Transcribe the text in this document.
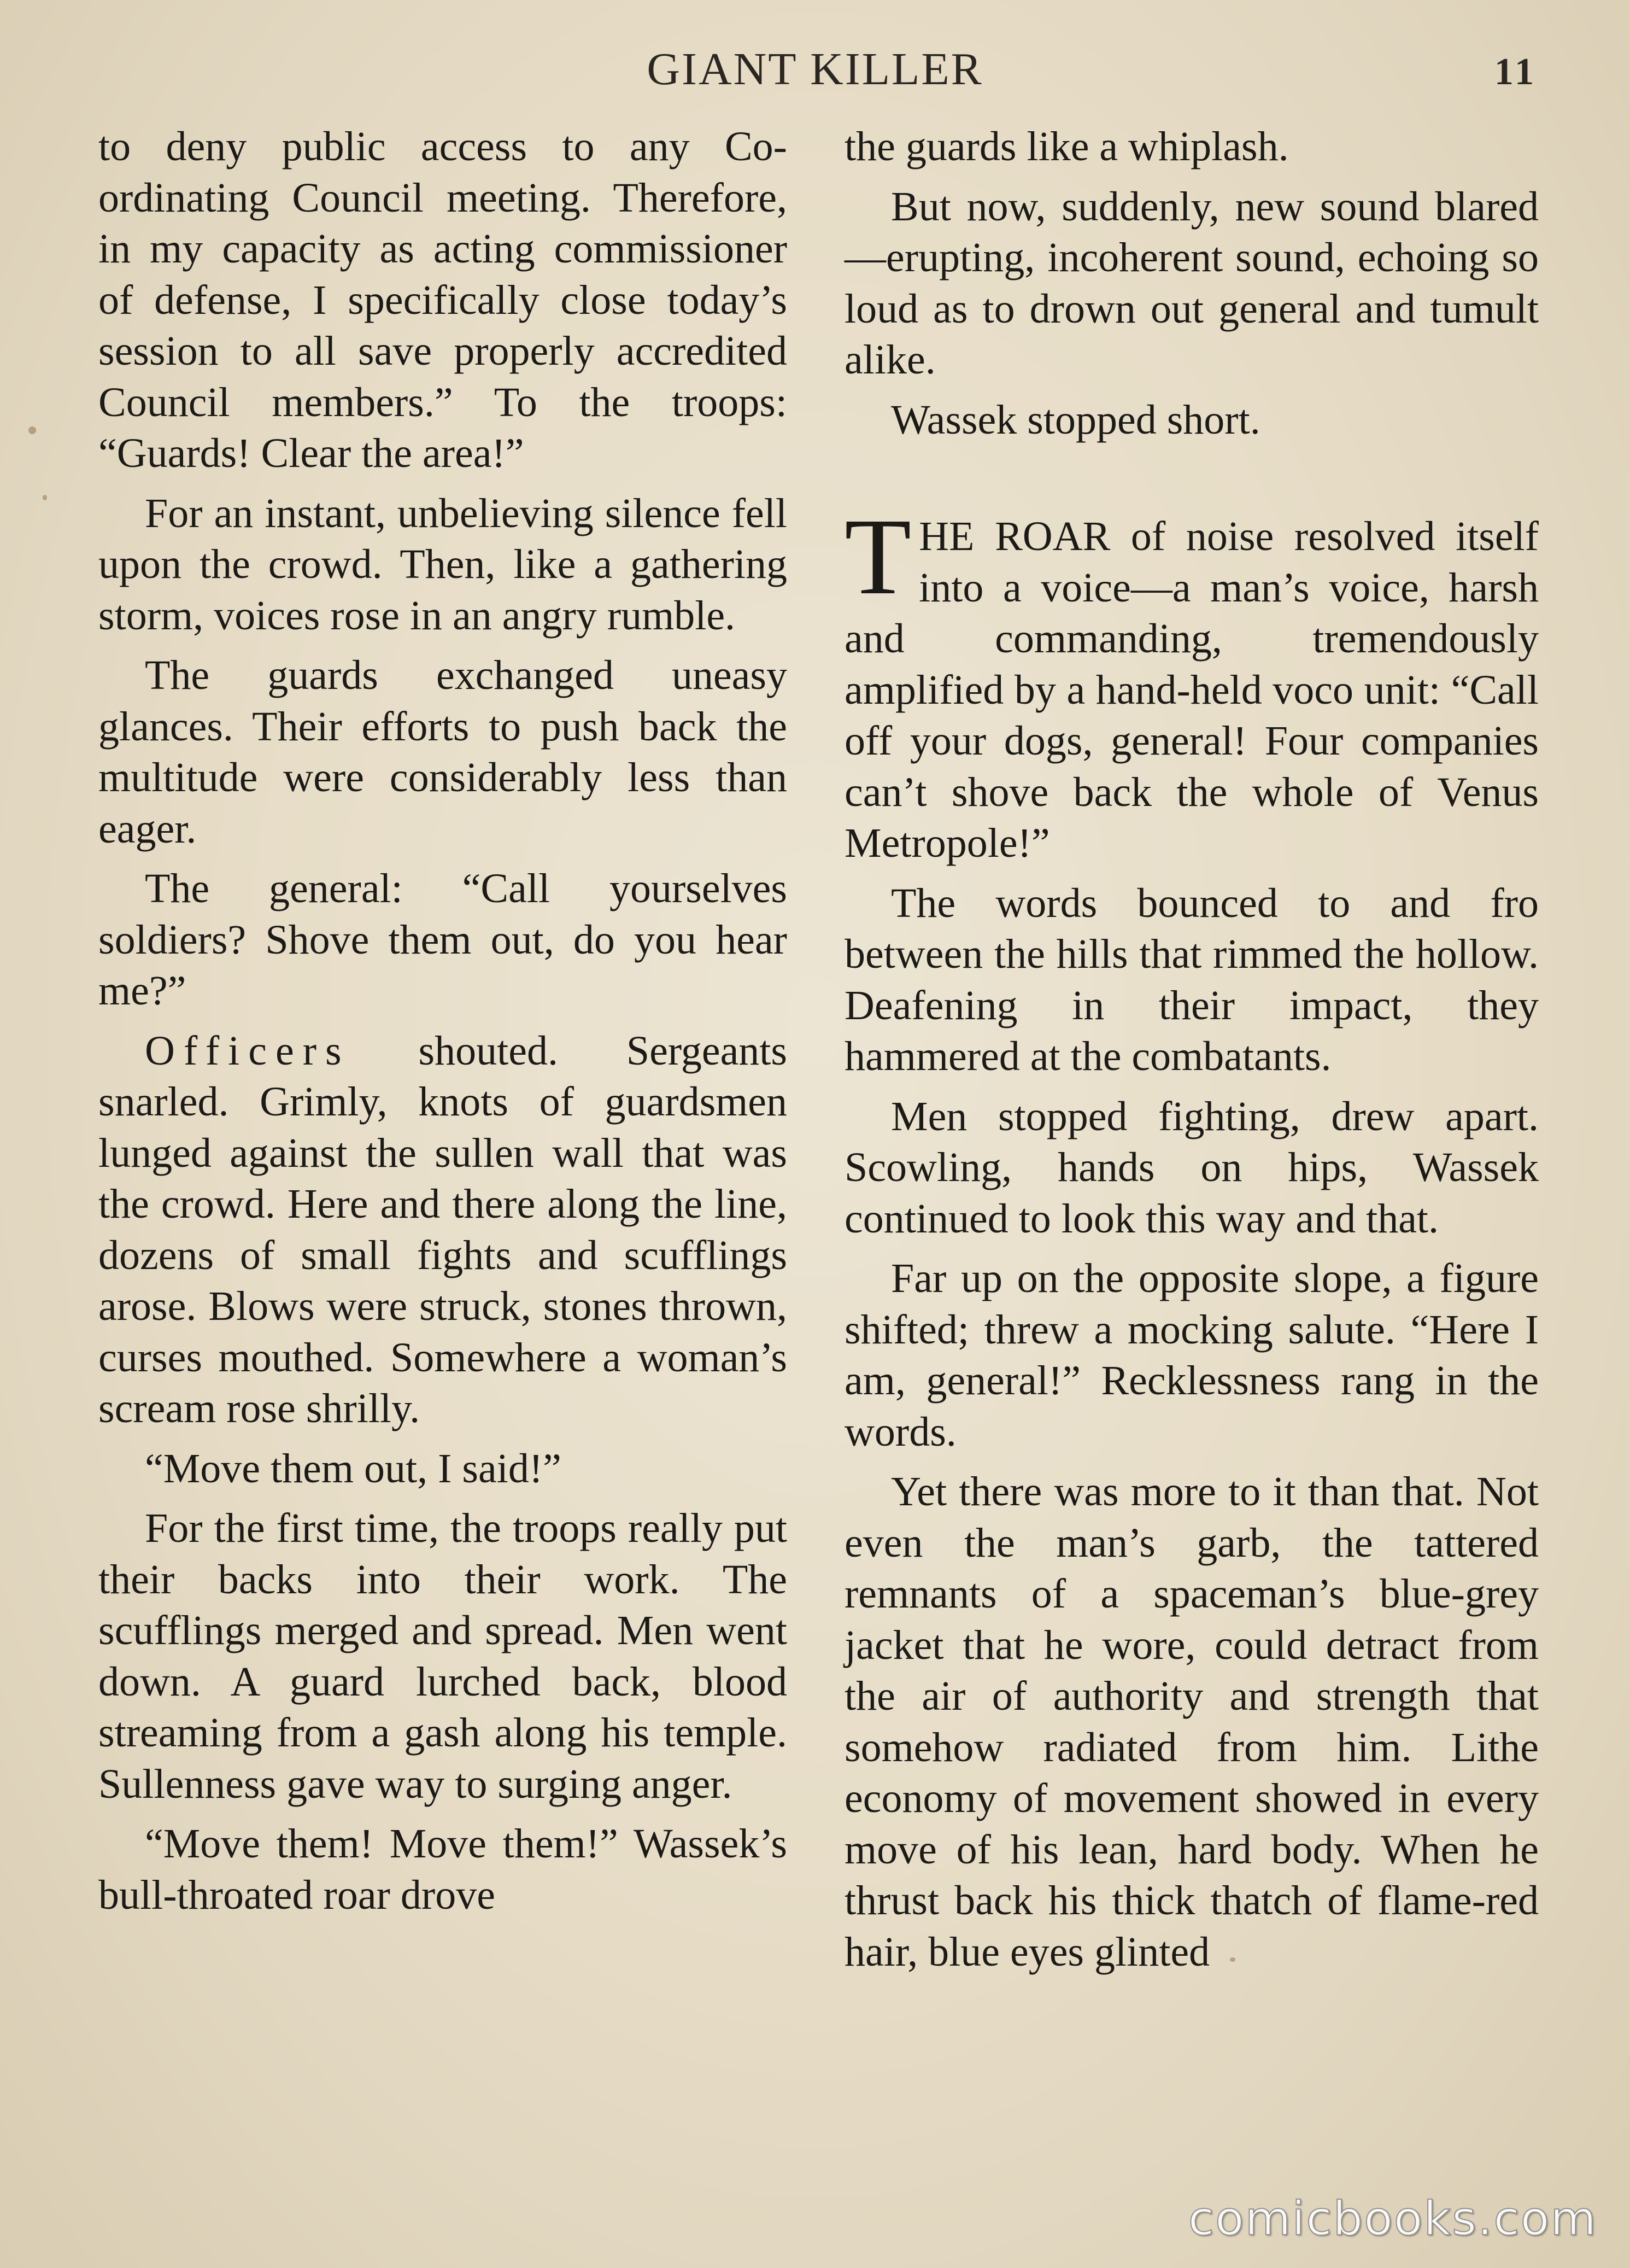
GIANT KILLER	11

to deny public access to any Co-ordinating Council meeting. Therefore, in my capacity as acting commissioner of defense, I specifically close today’s session to all save properly accredited Council members.” To the troops: “Guards! Clear the area!”

For an instant, unbelieving silence fell upon the crowd. Then, like a gathering storm, voices rose in an angry rumble.

The guards exchanged uneasy glances. Their efforts to push back the multitude were considerably less than eager.

The general: “Call yourselves soldiers? Shove them out, do you hear me?”

Officers shouted. Sergeants snarled. Grimly, knots of guardsmen lunged against the sullen wall that was the crowd. Here and there along the line, dozens of small fights and scufflings arose. Blows were struck, stones thrown, curses mouthed. Somewhere a woman’s scream rose shrilly.

“Move them out, I said!”

For the first time, the troops really put their backs into their work. The scufflings merged and spread. Men went down. A guard lurched back, blood streaming from a gash along his temple. Sullenness gave way to surging anger.

“Move them! Move them!” Wassek’s bull-throated roar drove

the guards like a whiplash.

But now, suddenly, new sound blared—erupting, incoherent sound, echoing so loud as to drown out general and tumult alike.

Wassek stopped short.

THE ROAR of noise resolved itself into a voice—a man’s voice, harsh and commanding, tremendously amplified by a hand-held voco unit: “Call off your dogs, general! Four companies can’t shove back the whole of Venus Metropole!”

The words bounced to and fro between the hills that rimmed the hollow. Deafening in their impact, they hammered at the combatants.

Men stopped fighting, drew apart. Scowling, hands on hips, Wassek continued to look this way and that.

Far up on the opposite slope, a figure shifted; threw a mocking salute. “Here I am, general!” Recklessness rang in the words.

Yet there was more to it than that. Not even the man’s garb, the tattered remnants of a spaceman’s blue-grey jacket that he wore, could detract from the air of authority and strength that somehow radiated from him. Lithe economy of movement showed in every move of his lean, hard body. When he thrust back his thick thatch of flame-red hair, blue eyes glinted

comicbooks.com
